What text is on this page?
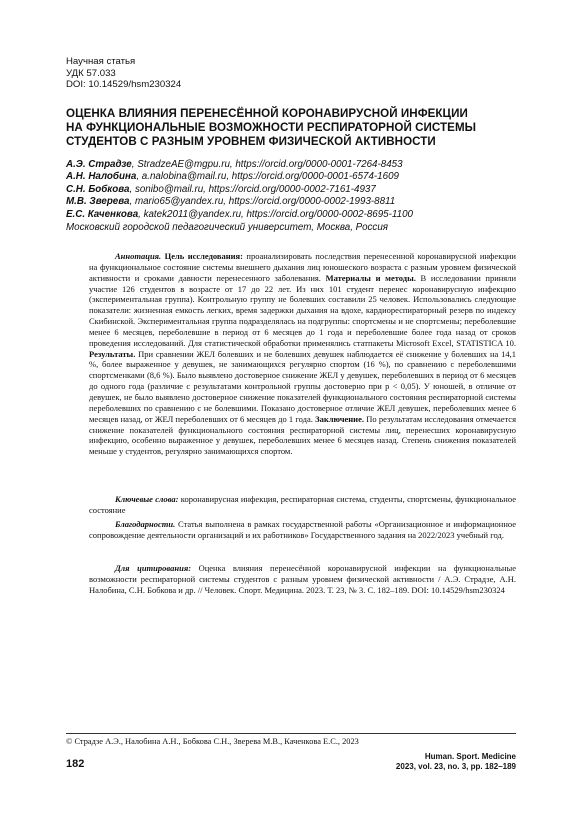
Научная статья
УДК 57.033
DOI: 10.14529/hsm230324
ОЦЕНКА ВЛИЯНИЯ ПЕРЕНЕСЁННОЙ КОРОНАВИРУСНОЙ ИНФЕКЦИИ
НА ФУНКЦИОНАЛЬНЫЕ ВОЗМОЖНОСТИ РЕСПИРАТОРНОЙ СИСТЕМЫ
СТУДЕНТОВ С РАЗНЫМ УРОВНЕМ ФИЗИЧЕСКОЙ АКТИВНОСТИ
А.Э. Страдзе, StradzeAE@mgpu.ru, https://orcid.org/0000-0001-7264-8453
А.Н. Налобина, a.nalobina@mail.ru, https://orcid.org/0000-0001-6574-1609
С.Н. Бобкова, sonibo@mail.ru, https://orcid.org/0000-0002-7161-4937
М.В. Зверева, mario65@yandex.ru, https://orcid.org/0000-0002-1993-8811
Е.С. Каченкова, katek2011@yandex.ru, https://orcid.org/0000-0002-8695-1100
Московский городской педагогический университет, Москва, Россия
Аннотация. Цель исследования: проанализировать последствия перенесенной коронавирусной инфекции на функциональное состояние системы внешнего дыхания лиц юношеского возраста с разным уровнем физической активности и сроками давности перенесенного заболевания. Материалы и методы. В исследовании приняли участие 126 студентов в возрасте от 17 до 22 лет. Из них 101 студент перенес коронавирусную инфекцию (экспериментальная группа). Контрольную группу не болевших составили 25 человек. Использовались следующие показатели: жизненная емкость легких, время задержки дыхания на вдохе, кардиореспираторный резерв по индексу Скибинской. Экспериментальная группа подразделялась на подгруппы: спортсмены и не спортсмены; переболевшие менее 6 месяцев, переболевшие в период от 6 месяцев до 1 года и переболевшие более года назад от сроков проведения исследований. Для статистической обработки применялись статпакеты Microsoft Excel, STATISTICA 10. Результаты. При сравнении ЖЕЛ болевших и не болевших девушек наблюдается её снижение у болевших на 14,1 %, более выраженное у девушек, не занимающихся регулярно спортом (16 %), по сравнению с переболевшими спортсменками (8,6 %). Было выявлено достоверное снижение ЖЕЛ у девушек, переболевших в период от 6 месяцев до одного года (различие с результатами контрольной группы достоверно при p < 0,05). У юношей, в отличие от девушек, не было выявлено достоверное снижение показателей функционального состояния респираторной системы переболевших по сравнению с не болевшими. Показано достоверное отличие ЖЕЛ девушек, переболевших менее 6 месяцев назад, от ЖЕЛ переболевших от 6 месяцев до 1 года. Заключение. По результатам исследования отмечается снижение показателей функционального состояния респираторной системы лиц, перенесших коронавирусную инфекцию, особенно выраженное у девушек, переболевших менее 6 месяцев назад. Степень снижения показателей меньше у студентов, регулярно занимающихся спортом.
Ключевые слова: коронавирусная инфекция, респираторная система, студенты, спортсмены, функциональное состояние
Благодарности. Статья выполнена в рамках государственной работы «Организационное и информационное сопровождение деятельности организаций и их работников» Государственного задания на 2022/2023 учебный год.
Для цитирования: Оценка влияния перенесённой коронавирусной инфекции на функциональные возможности респираторной системы студентов с разным уровнем физической активности / А.Э. Страдзе, А.Н. Налобина, С.Н. Бобкова и др. // Человек. Спорт. Медицина. 2023. Т. 23, № 3. С. 182–189. DOI: 10.14529/hsm230324
© Страдзе А.Э., Налобина А.Н., Бобкова С.Н., Зверева М.В., Каченкова Е.С., 2023
182
Human. Sport. Medicine
2023, vol. 23, no. 3, pp. 182–189
